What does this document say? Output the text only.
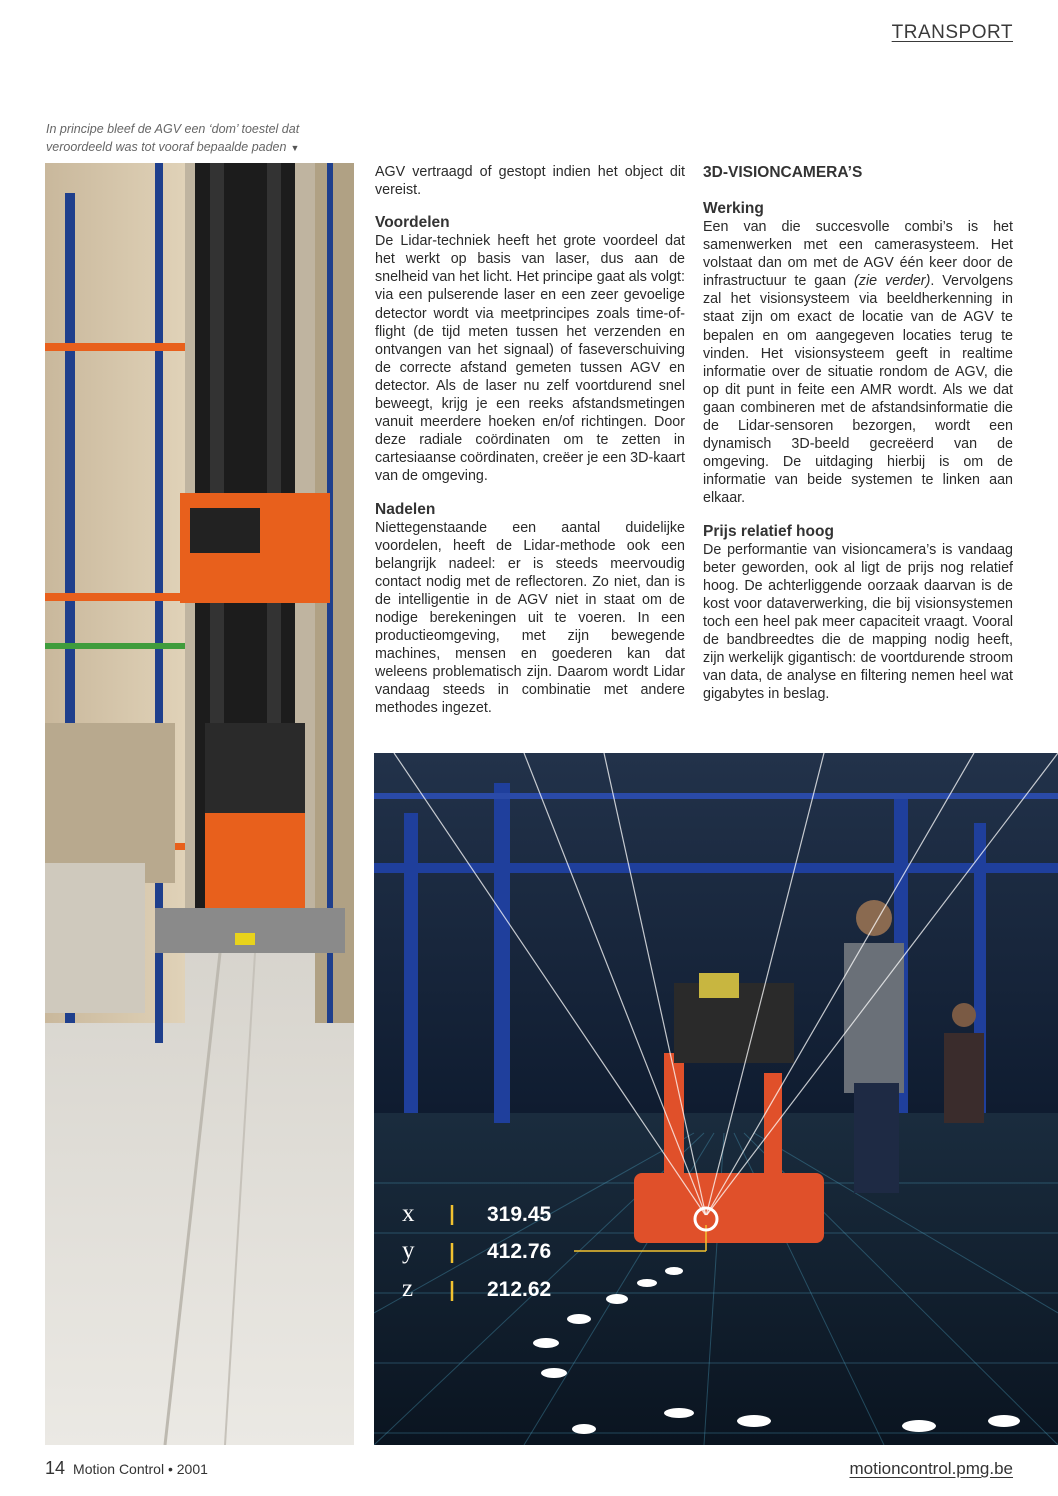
TRANSPORT
In principe bleef de AGV een ‘dom’ toestel dat veroordeeld was tot vooraf bepaalde paden ▼

AGV vertraagd of gestopt indien het object dit vereist.

Voordelen

De Lidar-techniek heeft het grote voordeel dat het werkt op basis van laser, dus aan de snelheid van het licht. Het principe gaat als volgt: via een pulserende laser en een zeer gevoelige detector wordt via meetprincipes zoals time-of-flight (de tijd meten tussen het verzenden en ontvangen van het signaal) of faseverschuiving de correcte afstand gemeten tussen AGV en detector. Als de laser nu zelf voortdurend snel beweegt, krijg je een reeks afstandsmetingen vanuit meerdere hoeken en/of richtingen. Door deze radiale coördinaten om te zetten in cartesiaanse coördinaten, creëer je een 3D-kaart van de omgeving.

Nadelen

Niettegenstaande een aantal duidelijke voordelen, heeft de Lidar-methode ook een belangrijk nadeel: er is steeds meervoudig contact nodig met de reflectoren. Zo niet, dan is de intelligentie in de AGV niet in staat om de nodige berekeningen uit te voeren. In een productieomgeving, met zijn bewegende machines, mensen en goederen kan dat weleens problematisch zijn. Daarom wordt Lidar vandaag steeds in combinatie met andere methodes ingezet.

3D-VISIONCAMERA’S
Werking

Een van die succesvolle combi’s is het samenwerken met een camerasysteem. Het volstaat dan om met de AGV één keer door de infrastructuur te gaan (zie verder). Vervolgens zal het visionsysteem via beeldherkenning in staat zijn om exact de locatie van de AGV te bepalen en om aangegeven locaties terug te vinden. Het visionsysteem geeft in realtime informatie over de situatie rondom de AGV, die op dit punt in feite een AMR wordt. Als we dat gaan combineren met de afstandsinformatie die de Lidar-sensoren bezorgen, wordt een dynamisch 3D-beeld gecreëerd van de omgeving. De uitdaging hierbij is om de informatie van beide systemen te linken aan elkaar.

Prijs relatief hoog

De performantie van visioncamera’s is vandaag beter geworden, ook al ligt de prijs nog relatief hoog. De achterliggende oorzaak daarvan is de kost voor dataverwerking, die bij visionsystemen toch een heel pak meer capaciteit vraagt. Vooral de bandbreedtes die de mapping nodig heeft, zijn werkelijk gigantisch: de voortdurende stroom van data, de analyse en filtering nemen heel wat gigabytes in beslag.

x
y
z
319.45
412.76
212.62
14 Motion Control • 2001	motioncontrol.pmg.be
